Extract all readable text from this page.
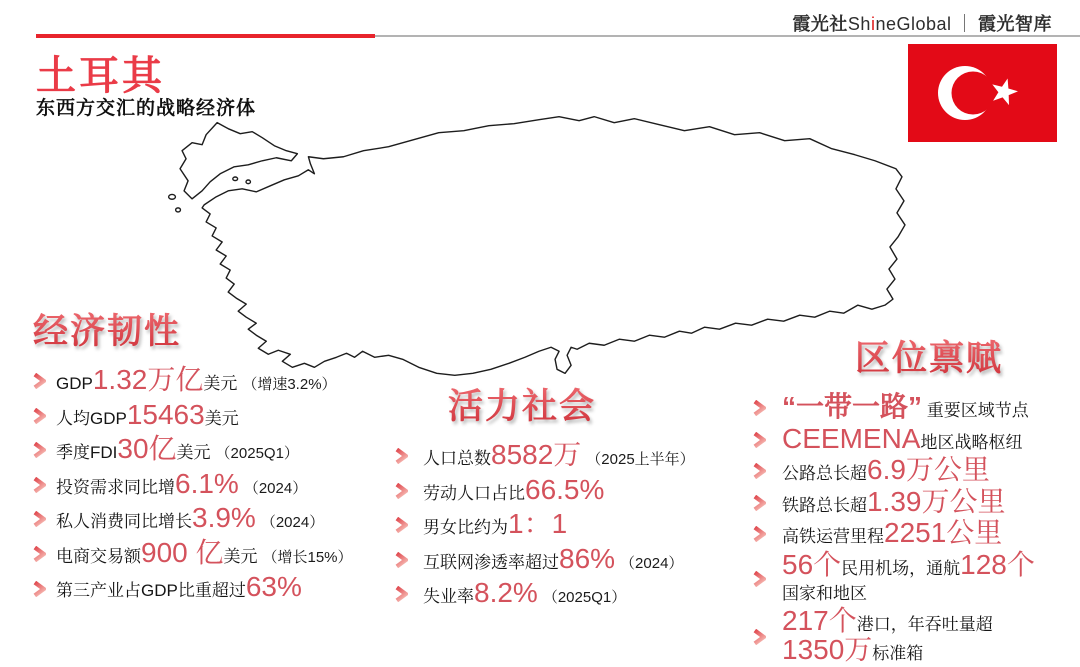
霞光社ShineGlobal ｜ 霞光智库
土耳其
东西方交汇的战略经济体
经济韧性
GDP1.32万亿美元 （增速3.2%）
人均GDP15463美元
季度FDI30亿美元 （2025Q1）
投资需求同比增6.1% （2024）
私人消费同比增长3.9% （2024）
电商交易额900 亿美元 （增长15%）
第三产业占GDP比重超过63%
活力社会
人口总数8582万 （2025上半年）
劳动人口占比66.5%
男女比约为1：1
互联网渗透率超过86% （2024）
失业率8.2% （2025Q1）
区位禀赋
“一带一路” 重要区域节点
CEEMENA地区战略枢纽
公路总长超6.9万公里
铁路总长超1.39万公里
高铁运营里程2251公里
56个民用机场，通航128个国家和地区
217个港口，年吞吐量超1350万标准箱
